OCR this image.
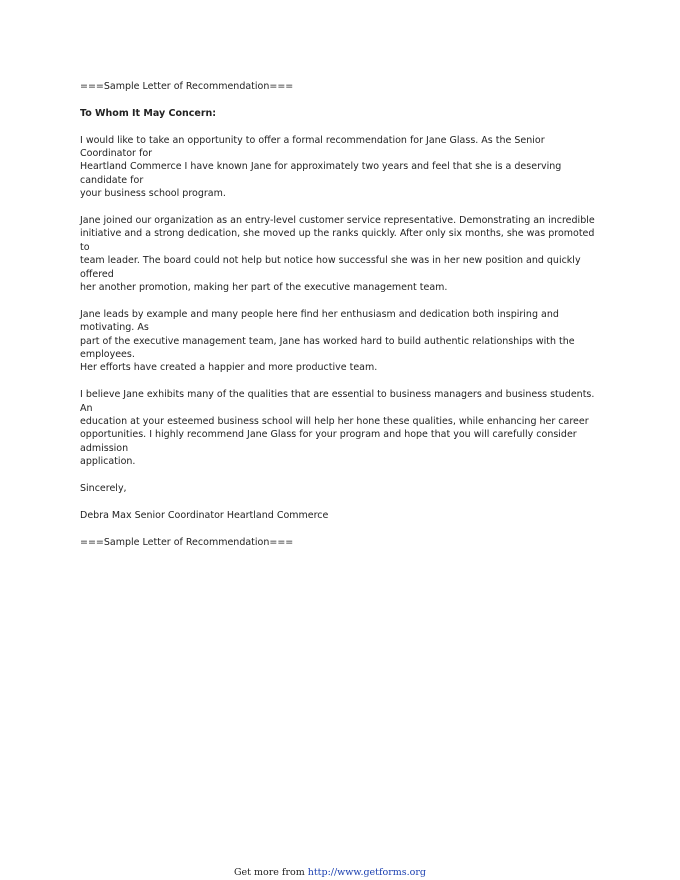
===Sample Letter of Recommendation===

To Whom It May Concern:

I would like to take an opportunity to offer a formal recommendation for Jane Glass. As the Senior Coordinator for

Heartland Commerce I have known Jane for approximately two years and feel that she is a deserving candidate for

your business school program.

Jane joined our organization as an entry-level customer service representative. Demonstrating an incredible

initiative and a strong dedication, she moved up the ranks quickly. After only six months, she was promoted to

team leader. The board could not help but notice how successful she was in her new position and quickly offered

her another promotion, making her part of the executive management team.

Jane leads by example and many people here find her enthusiasm and dedication both inspiring and motivating. As

part of the executive management team, Jane has worked hard to build authentic relationships with the employees.

Her efforts have created a happier and more productive team.

I believe Jane exhibits many of the qualities that are essential to business managers and business students. An

education at your esteemed business school will help her hone these qualities, while enhancing her career

opportunities. I highly recommend Jane Glass for your program and hope that you will carefully consider admission

application.

Sincerely,

Debra Max Senior Coordinator Heartland Commerce

===Sample Letter of Recommendation===

Get more from http://www.getforms.org
